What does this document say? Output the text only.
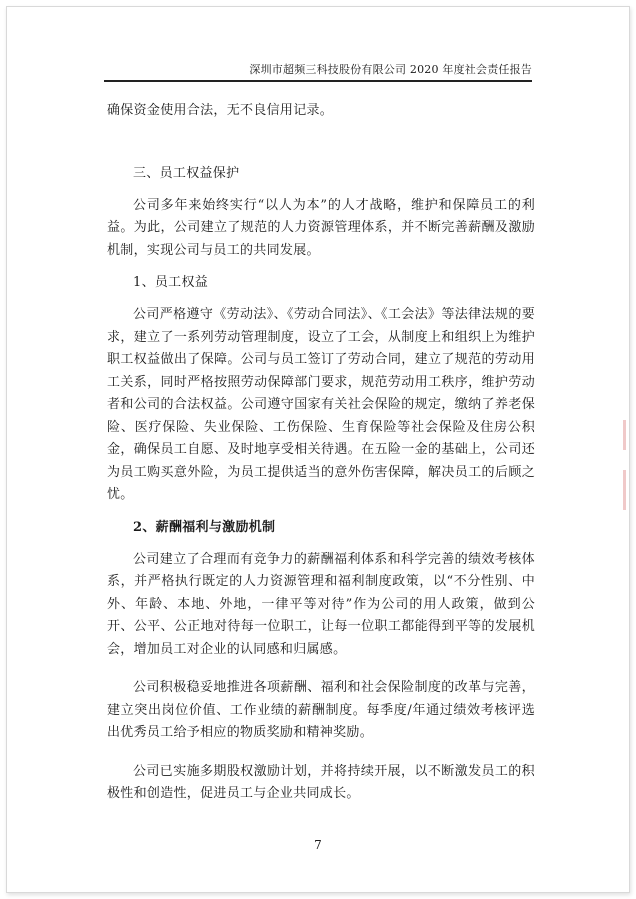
深圳市超频三科技股份有限公司 2020 年度社会责任报告

确保资金使用合法，无不良信用记录。

三、员工权益保护

公司多年来始终实行“以人为本”的人才战略，维护和保障员工的利益。为此，公司建立了规范的人力资源管理体系，并不断完善薪酬及激励机制，实现公司与员工的共同发展。

1、员工权益

公司严格遵守《劳动法》、《劳动合同法》、《工会法》等法律法规的要求，建立了一系列劳动管理制度，设立了工会，从制度上和组织上为维护职工权益做出了保障。公司与员工签订了劳动合同，建立了规范的劳动用工关系，同时严格按照劳动保障部门要求，规范劳动用工秩序，维护劳动者和公司的合法权益。公司遵守国家有关社会保险的规定，缴纳了养老保险、医疗保险、失业保险、工伤保险、生育保险等社会保险及住房公积金，确保员工自愿、及时地享受相关待遇。在五险一金的基础上，公司还为员工购买意外险，为员工提供适当的意外伤害保障，解决员工的后顾之忧。

2、薪酬福利与激励机制

公司建立了合理而有竞争力的薪酬福利体系和科学完善的绩效考核体系，并严格执行既定的人力资源管理和福利制度政策，以“不分性别、中外、年龄、本地、外地，一律平等对待”作为公司的用人政策，做到公开、公平、公正地对待每一位职工，让每一位职工都能得到平等的发展机会，增加员工对企业的认同感和归属感。

公司积极稳妥地推进各项薪酬、福利和社会保险制度的改革与完善，建立突出岗位价值、工作业绩的薪酬制度。每季度/年通过绩效考核评选出优秀员工给予相应的物质奖励和精神奖励。

公司已实施多期股权激励计划，并将持续开展，以不断激发员工的积极性和创造性，促进员工与企业共同成长。

7
